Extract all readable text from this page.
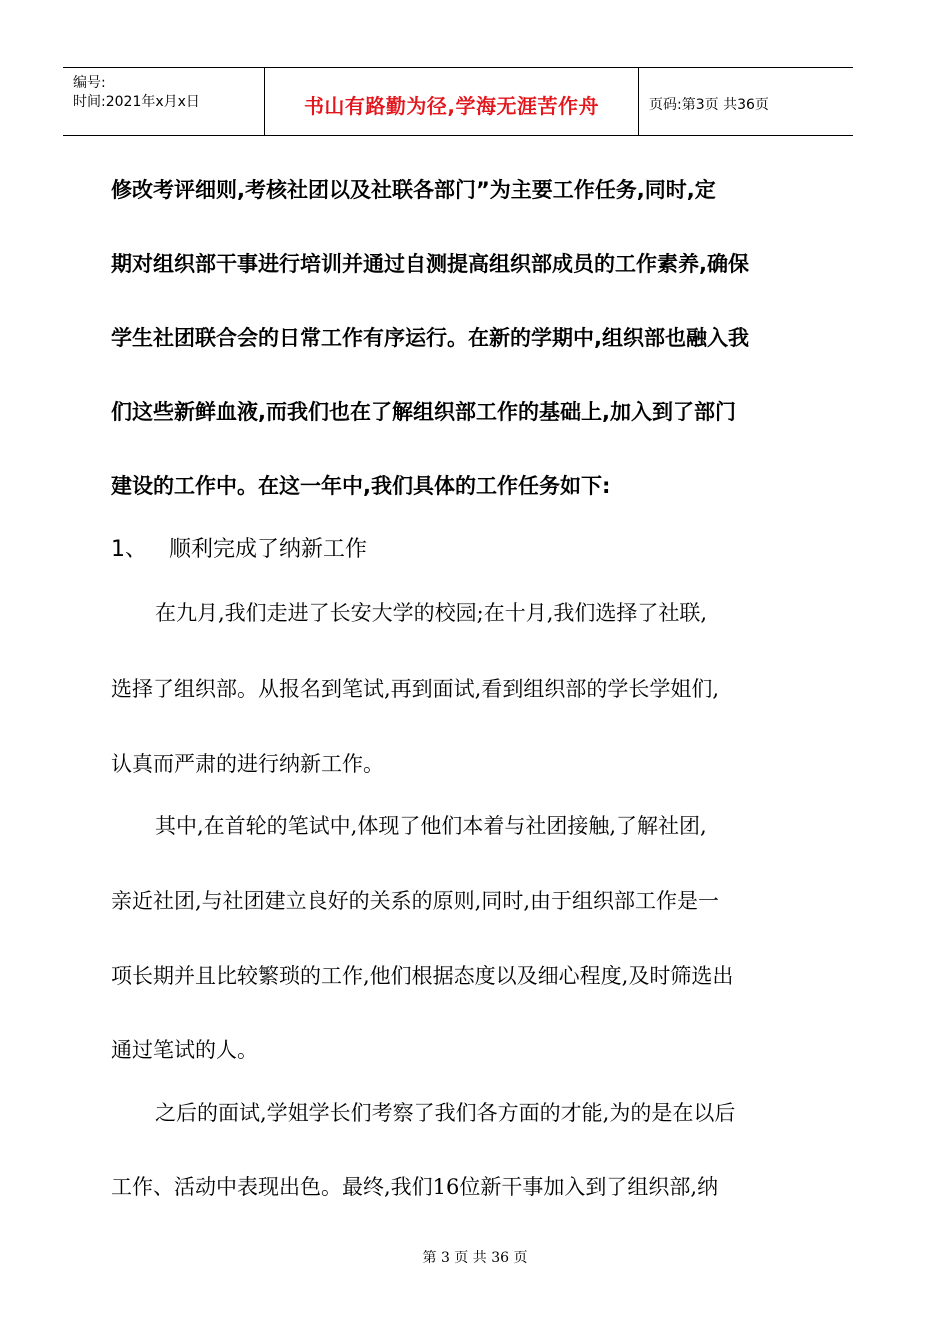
编号:
时间:2021年x月x日	书山有路勤为径,学海无涯苦作舟	页码:第3页 共36页
修改考评细则,考核社团以及社联各部门”为主要工作任务,同时,定
期对组织部干事进行培训并通过自测提高组织部成员的工作素养,确保
学生社团联合会的日常工作有序运行。在新的学期中,组织部也融入我
们这些新鲜血液,而我们也在了解组织部工作的基础上,加入到了部门
建设的工作中。在这一年中,我们具体的工作任务如下:
1、 顺利完成了纳新工作
在九月,我们走进了长安大学的校园;在十月,我们选择了社联,
选择了组织部。从报名到笔试,再到面试,看到组织部的学长学姐们,
认真而严肃的进行纳新工作。
其中,在首轮的笔试中,体现了他们本着与社团接触,了解社团,
亲近社团,与社团建立良好的关系的原则,同时,由于组织部工作是一
项长期并且比较繁琐的工作,他们根据态度以及细心程度,及时筛选出
通过笔试的人。
之后的面试,学姐学长们考察了我们各方面的才能,为的是在以后
工作、活动中表现出色。最终,我们16位新干事加入到了组织部,纳
第 3 页 共 36 页
